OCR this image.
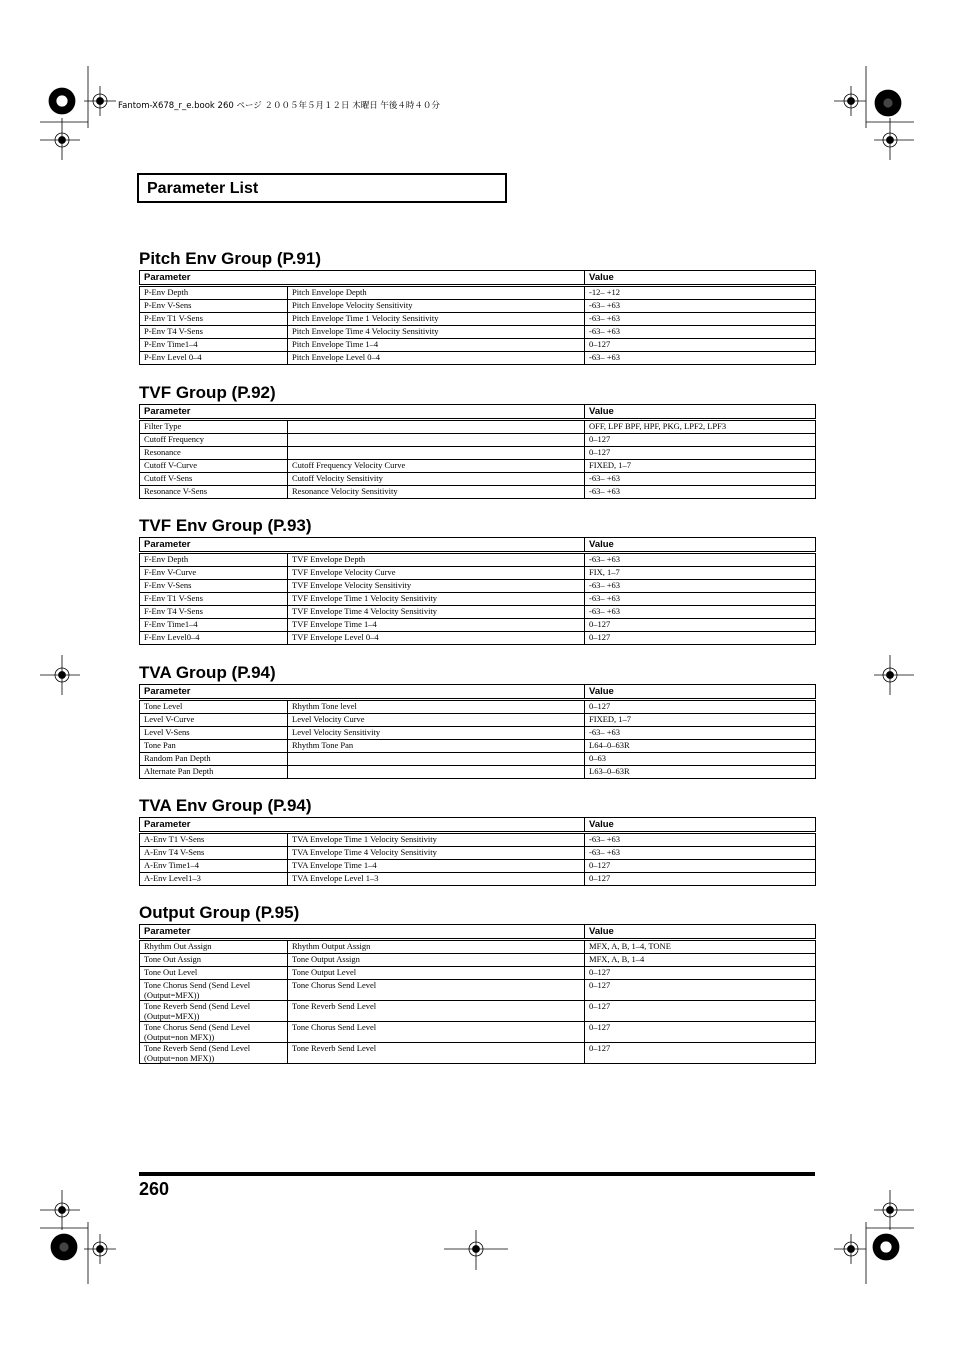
Fantom-X678_r_e.book 260 ページ ２００５年５月１２日 木曜日 午後４時４０分
Parameter List
Pitch Env Group (P.91)
Parameter		Value
P-Env Depth	Pitch Envelope Depth	-12– +12
P-Env V-Sens	Pitch Envelope Velocity Sensitivity	-63– +63
P-Env T1 V-Sens	Pitch Envelope Time 1 Velocity Sensitivity	-63– +63
P-Env T4 V-Sens	Pitch Envelope Time 4 Velocity Sensitivity	-63– +63
P-Env Time1–4	Pitch Envelope Time 1–4	0–127
P-Env Level 0–4	Pitch Envelope Level 0–4	-63– +63
TVF Group (P.92)
Parameter		Value
Filter Type		OFF, LPF BPF, HPF, PKG, LPF2, LPF3
Cutoff Frequency		0–127
Resonance		0–127
Cutoff V-Curve	Cutoff Frequency Velocity Curve	FIXED, 1–7
Cutoff V-Sens	Cutoff Velocity Sensitivity	-63– +63
Resonance V-Sens	Resonance Velocity Sensitivity	-63– +63
TVF Env Group (P.93)
Parameter		Value
F-Env Depth	TVF Envelope Depth	-63– +63
F-Env V-Curve	TVF Envelope Velocity Curve	FIX, 1–7
F-Env V-Sens	TVF Envelope Velocity Sensitivity	-63– +63
F-Env T1 V-Sens	TVF Envelope Time 1 Velocity Sensitivity	-63– +63
F-Env T4 V-Sens	TVF Envelope Time 4 Velocity Sensitivity	-63– +63
F-Env Time1–4	TVF Envelope Time 1–4	0–127
F-Env Level0–4	TVF Envelope Level 0–4	0–127
TVA Group (P.94)
Parameter		Value
Tone Level	Rhythm Tone level	0–127
Level V-Curve	Level Velocity Curve	FIXED, 1–7
Level V-Sens	Level Velocity Sensitivity	-63– +63
Tone Pan	Rhythm Tone Pan	L64–0–63R
Random Pan Depth		0–63
Alternate Pan Depth		L63–0–63R
TVA Env Group (P.94)
Parameter		Value
A-Env T1 V-Sens	TVA Envelope Time 1 Velocity Sensitivity	-63– +63
A-Env T4 V-Sens	TVA Envelope Time 4 Velocity Sensitivity	-63– +63
A-Env Time1–4	TVA Envelope Time 1–4	0–127
A-Env Level1–3	TVA Envelope Level 1–3	0–127
Output Group (P.95)
Parameter		Value
Rhythm Out Assign	Rhythm Output Assign	MFX, A, B, 1–4, TONE
Tone Out Assign	Tone Output Assign	MFX, A, B, 1–4
Tone Out Level	Tone Output Level	0–127
Tone Chorus Send (Send Level (Output=MFX))	Tone Chorus Send Level	0–127
Tone Reverb Send (Send Level (Output=MFX))	Tone Reverb Send Level	0–127
Tone Chorus Send (Send Level (Output=non MFX))	Tone Chorus Send Level	0–127
Tone Reverb Send (Send Level (Output=non MFX))	Tone Reverb Send Level	0–127
260
